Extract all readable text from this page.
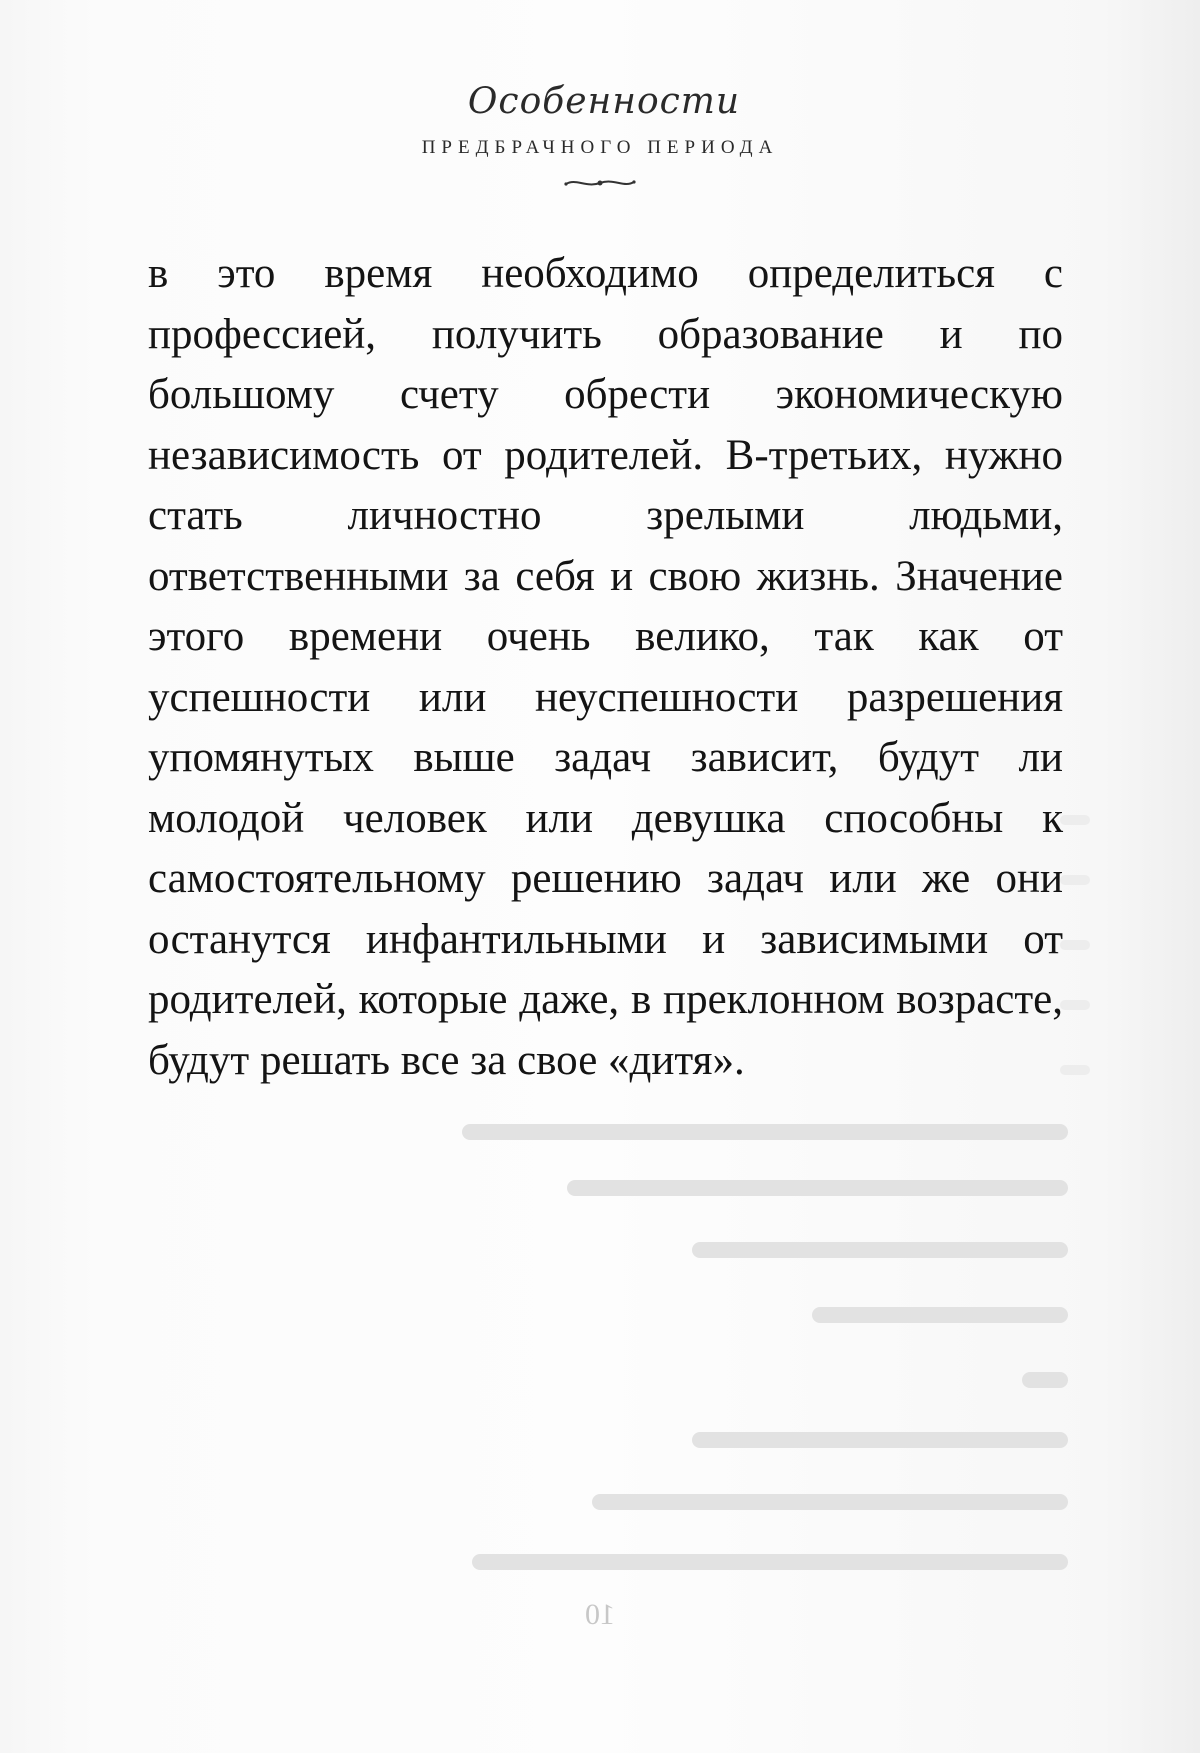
Особенности
ПРЕДБРАЧНОГО ПЕРИОДА

в это время необходимо определиться с профессией, получить образование и по большому счету обрести экономическую независимость от родителей. В-третьих, нужно стать личностно зрелыми людьми, ответственными за себя и свою жизнь. Значение этого времени очень велико, так как от успешности или неуспешности разрешения упомянутых выше задач зависит, будут ли молодой человек или девушка способны к самостоятельному решению задач или же они останутся инфантильными и зависимыми от родителей, которые даже, в преклонном возрасте, будут решать все за свое «дитя».

10
